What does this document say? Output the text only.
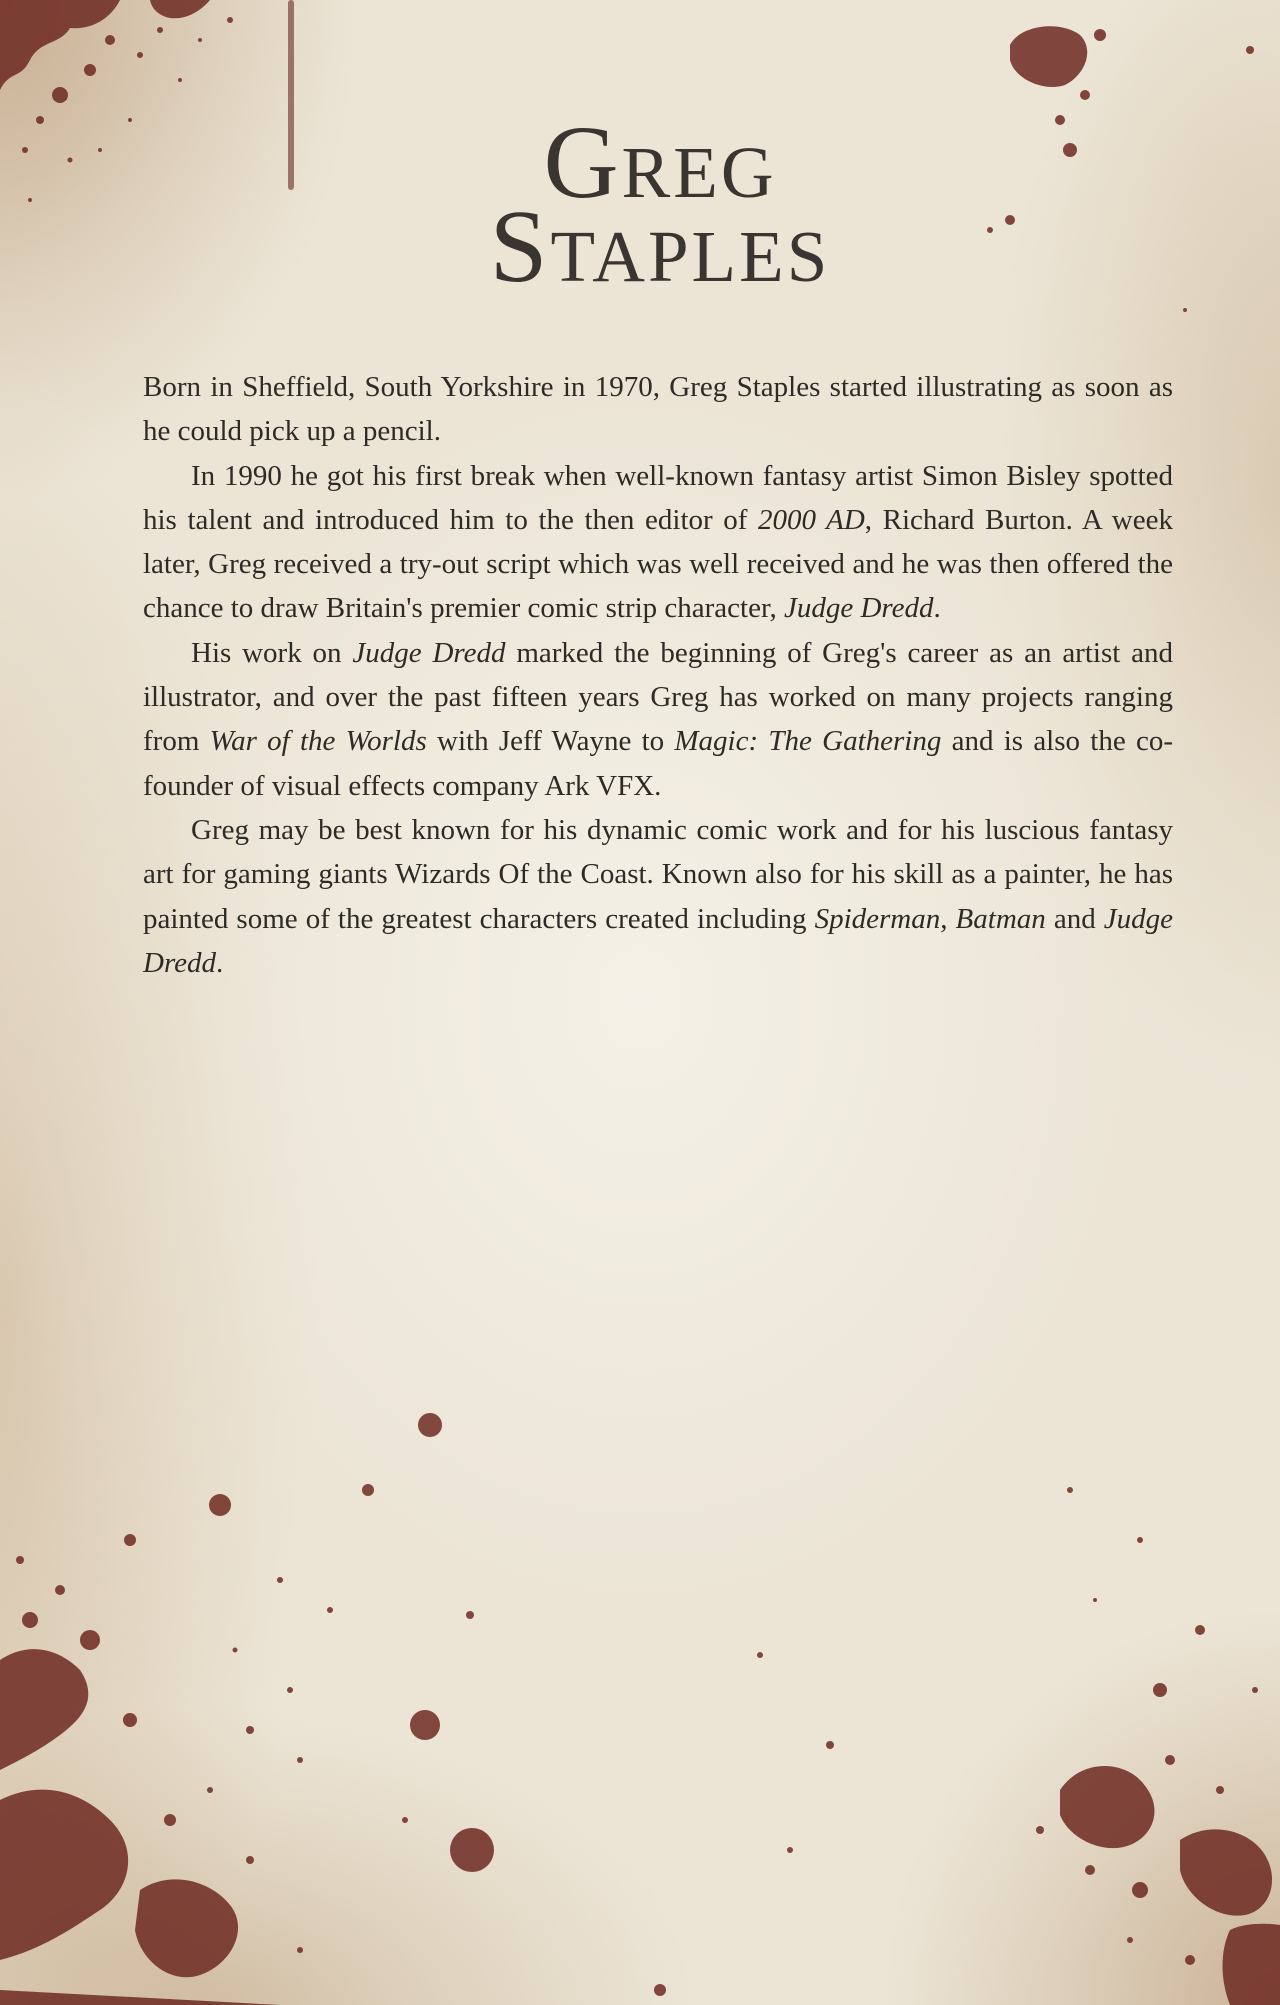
Greg
Staples

Born in Sheffield, South Yorkshire in 1970, Greg Staples started illustrating as soon as he could pick up a pencil.

In 1990 he got his first break when well-known fantasy artist Simon Bisley spotted his talent and introduced him to the then editor of 2000 AD, Richard Burton. A week later, Greg received a try-out script which was well received and he was then offered the chance to draw Britain's premier comic strip character, Judge Dredd.

His work on Judge Dredd marked the beginning of Greg's career as an artist and illustrator, and over the past fifteen years Greg has worked on many projects ranging from War of the Worlds with Jeff Wayne to Magic: The Gathering and is also the co-founder of visual effects company Ark VFX.

Greg may be best known for his dynamic comic work and for his luscious fantasy art for gaming giants Wizards Of the Coast. Known also for his skill as a painter, he has painted some of the greatest characters created including Spiderman, Batman and Judge Dredd.
